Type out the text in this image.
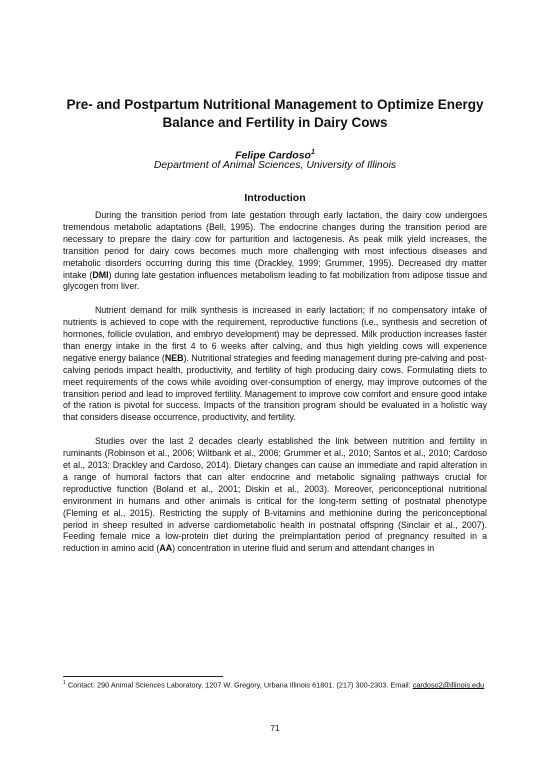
Pre- and Postpartum Nutritional Management to Optimize Energy Balance and Fertility in Dairy Cows
Felipe Cardoso$^1$
Department of Animal Sciences, University of Illinois
Introduction

During the transition period from late gestation through early lactation, the dairy cow undergoes tremendous metabolic adaptations (Bell, 1995). The endocrine changes during the transition period are necessary to prepare the dairy cow for parturition and lactogenesis. As peak milk yield increases, the transition period for dairy cows becomes much more challenging with most infectious diseases and metabolic disorders occurring during this time (Drackley, 1999; Grummer, 1995). Decreased dry matter intake (DMI) during late gestation influences metabolism leading to fat mobilization from adipose tissue and glycogen from liver.

Nutrient demand for milk synthesis is increased in early lactation; if no compensatory intake of nutrients is achieved to cope with the requirement, reproductive functions (i.e., synthesis and secretion of hormones, follicle ovulation, and embryo development) may be depressed. Milk production increases faster than energy intake in the first 4 to 6 weeks after calving, and thus high yielding cows will experience negative energy balance (NEB). Nutritional strategies and feeding management during pre-calving and post-calving periods impact health, productivity, and fertility of high producing dairy cows. Formulating diets to meet requirements of the cows while avoiding over-consumption of energy, may improve outcomes of the transition period and lead to improved fertility. Management to improve cow comfort and ensure good intake of the ration is pivotal for success. Impacts of the transition program should be evaluated in a holistic way that considers disease occurrence, productivity, and fertility.

Studies over the last 2 decades clearly established the link between nutrition and fertility in ruminants (Robinson et al., 2006; Wiltbank et al., 2006; Grummer et al., 2010; Santos et al., 2010; Cardoso et al., 2013; Drackley and Cardoso, 2014). Dietary changes can cause an immediate and rapid alteration in a range of humoral factors that can alter endocrine and metabolic signaling pathways crucial for reproductive function (Boland et al., 2001; Diskin et al., 2003). Moreover, periconceptional nutritional environment in humans and other animals is critical for the long-term setting of postnatal phenotype (Fleming et al., 2015). Restricting the supply of B-vitamins and methionine during the periconceptional period in sheep resulted in adverse cardiometabolic health in postnatal offspring (Sinclair et al., 2007). Feeding female mice a low-protein diet during the preimplantation period of pregnancy resulted in a reduction in amino acid (AA) concentration in uterine fluid and serum and attendant changes in

$^1$ Contact: 290 Animal Sciences Laboratory, 1207 W. Gregory, Urbana Illinois 61801. (217) 300-2303. Email: cardoso2@illinois.edu
71
